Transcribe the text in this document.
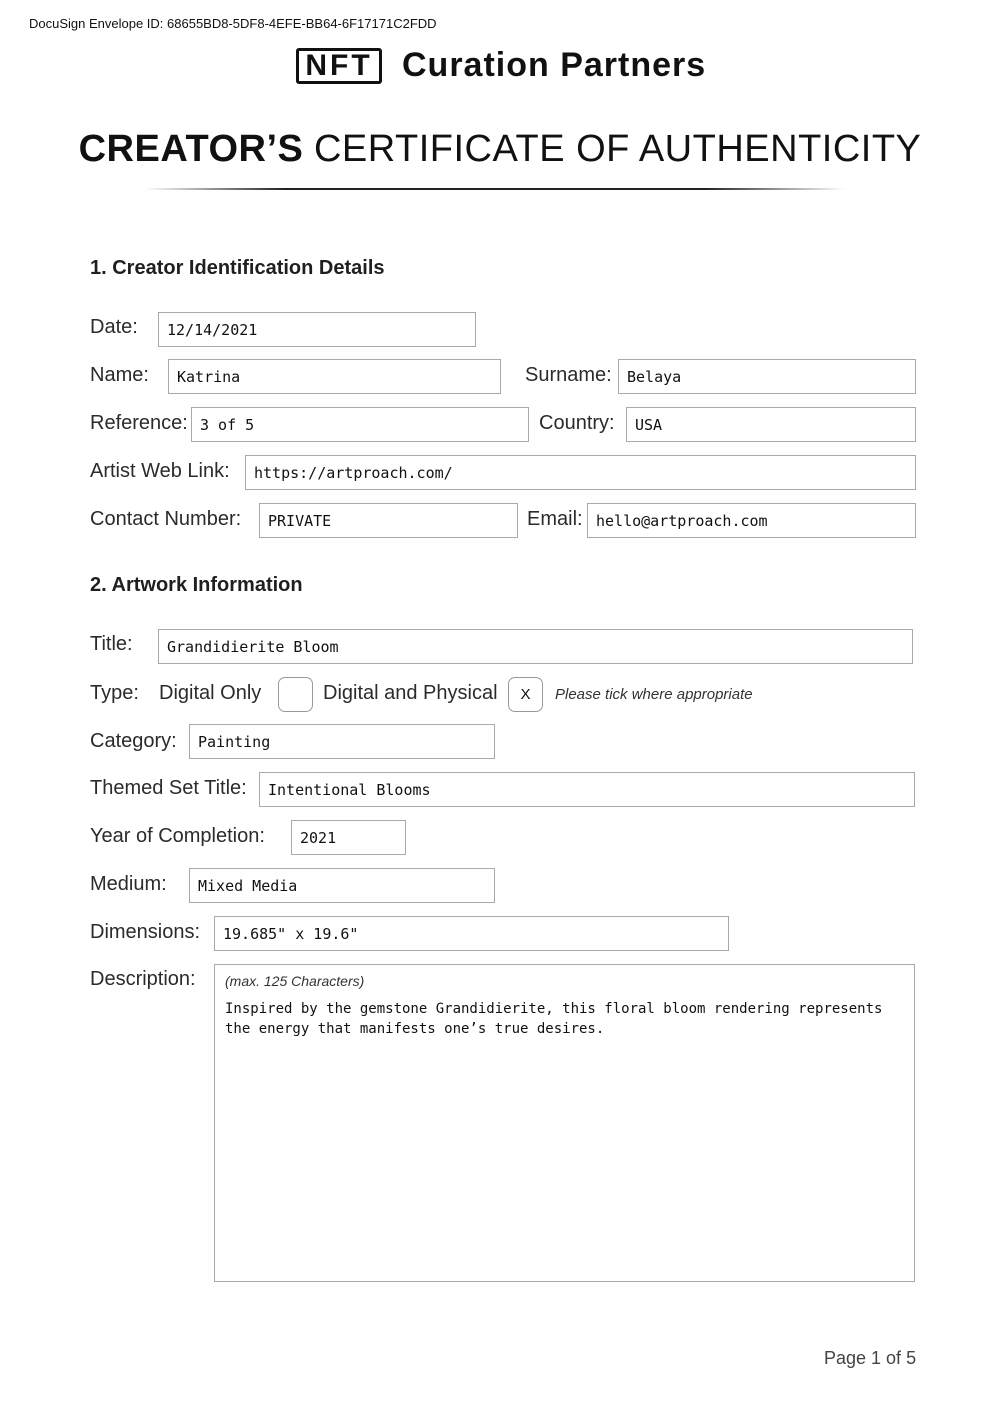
DocuSign Envelope ID: 68655BD8-5DF8-4EFE-BB64-6F17171C2FDD
NFT Curation Partners
CREATOR’S CERTIFICATE OF AUTHENTICITY
1. Creator Identification Details
Date:	12/14/2021
Name:	Katrina	Surname:	Belaya
Reference: 3 of 5	Country:	USA
Artist Web Link:	https://artproach.com/
Contact Number:	PRIVATE	Email: hello@artproach.com
2. Artwork Information
Title:	Grandidierite Bloom
Type: Digital Only	Digital and Physical	X	Please tick where appropriate
Category:	Painting
Themed Set Title:	Intentional Blooms
Year of Completion:	2021
Medium:	Mixed Media
Dimensions:	19.685" x 19.6"
Description: (max. 125 Characters)
Inspired by the gemstone Grandidierite, this floral bloom rendering represents
the energy that manifests one’s true desires.
Page 1 of 5
